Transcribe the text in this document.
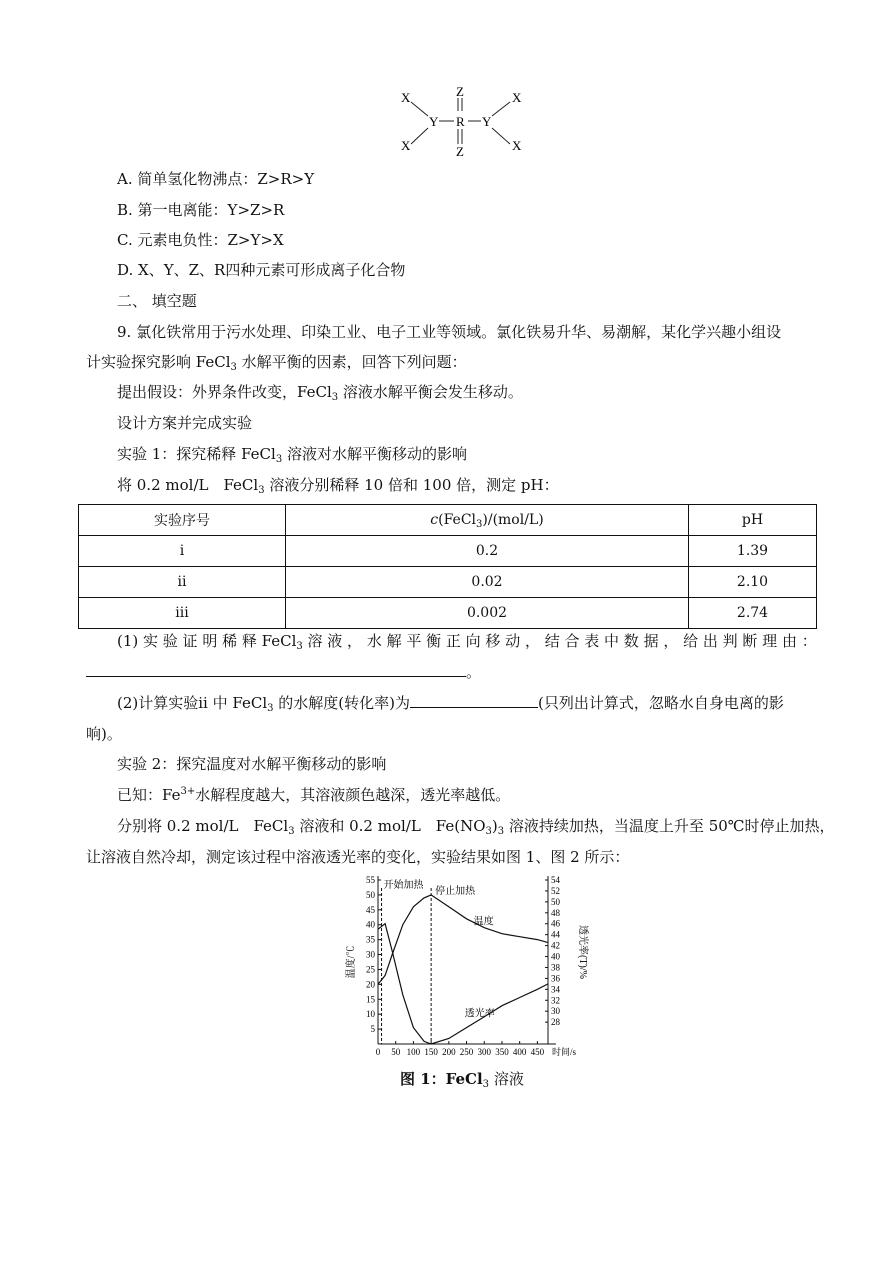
X
X
Y R Y
Z
Z
X
X
A. 简单氢化物沸点：Z>R>Y
B. 第一电离能：Y>Z>R
C. 元素电负性：Z>Y>X
D. X、Y、Z、R四种元素可形成离子化合物
二、 填空题
9. 氯化铁常用于污水处理、印染工业、电子工业等领域。氯化铁易升华、易潮解，某化学兴趣小组设
计实验探究影响 FeCl$_3$ 水解平衡的因素，回答下列问题：
提出假设：外界条件改变，FeCl$_3$ 溶液水解平衡会发生移动。
设计方案并完成实验
实验 1：探究稀释 FeCl$_3$ 溶液对水解平衡移动的影响
将 0.2 mol/L　FeCl$_3$ 溶液分别稀释 10 倍和 100 倍，测定 pH：
实验序号	c(FeCl$_3$)/(mol/L)	pH
i	0.2	1.39
ii	0.02	2.10
iii	0.002	2.74
(1) 实 验 证 明 稀 释 FeCl$_3$ 溶 液 ， 水 解 平 衡 正 向 移 动 ， 结 合 表 中 数 据 ， 给 出 判 断 理 由 ：
。
(2)计算实验ii 中 FeCl$_3$ 的水解度(转化率)为	(只列出计算式，忽略水自身电离的影
响)。
实验 2：探究温度对水解平衡移动的影响
已知：$Fe^{3+}$水解程度越大，其溶液颜色越深，透光率越低。
分别将 0.2 mol/L　FeCl$_3$ 溶液和 0.2 mol/L　$Fe(NO_3)_3$ 溶液持续加热，当温度上升至 50℃时停止加热，
让溶液自然冷却，测定该过程中溶液透光率的变化，实验结果如图 1、图 2 所示：
5
10
15
20
25
30
35
40
45
50
55
28
30
32
34
36
38
40
42
44
46
48
50
52
54
0 50 100 150 200 250 300 350 400 450 时间/s
温度/℃	透光率(T)/%
开始加热
停止加热
温度
透光率
图 1：FeCl$_3$ 溶液
